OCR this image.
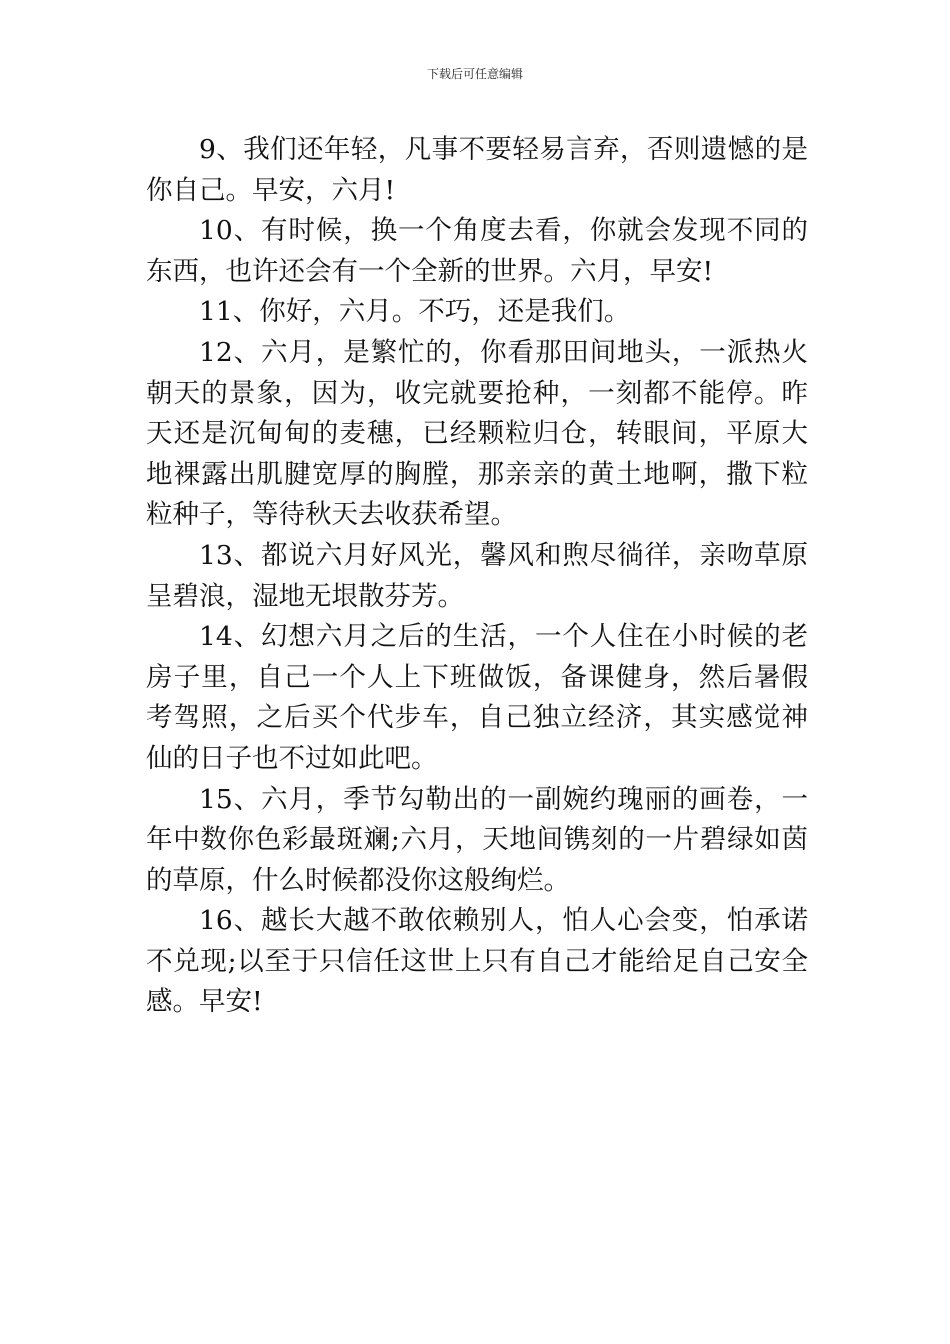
下载后可任意编辑

9、我们还年轻，凡事不要轻易言弃，否则遗憾的是你自己。早安，六月!

10、有时候，换一个角度去看，你就会发现不同的东西，也许还会有一个全新的世界。六月，早安!

11、你好，六月。不巧，还是我们。

12、六月，是繁忙的，你看那田间地头，一派热火朝天的景象，因为，收完就要抢种，一刻都不能停。昨天还是沉甸甸的麦穗，已经颗粒归仓，转眼间，平原大地裸露出肌腱宽厚的胸膛，那亲亲的黄土地啊，撒下粒粒种子，等待秋天去收获希望。

13、都说六月好风光，馨风和煦尽徜徉，亲吻草原呈碧浪，湿地无垠散芬芳。

14、幻想六月之后的生活，一个人住在小时候的老房子里，自己一个人上下班做饭，备课健身，然后暑假考驾照，之后买个代步车，自己独立经济，其实感觉神仙的日子也不过如此吧。

15、六月，季节勾勒出的一副婉约瑰丽的画卷，一年中数你色彩最斑斓;六月，天地间镌刻的一片碧绿如茵的草原，什么时候都没你这般绚烂。

16、越长大越不敢依赖别人，怕人心会变，怕承诺不兑现;以至于只信任这世上只有自己才能给足自己安全感。早安!
